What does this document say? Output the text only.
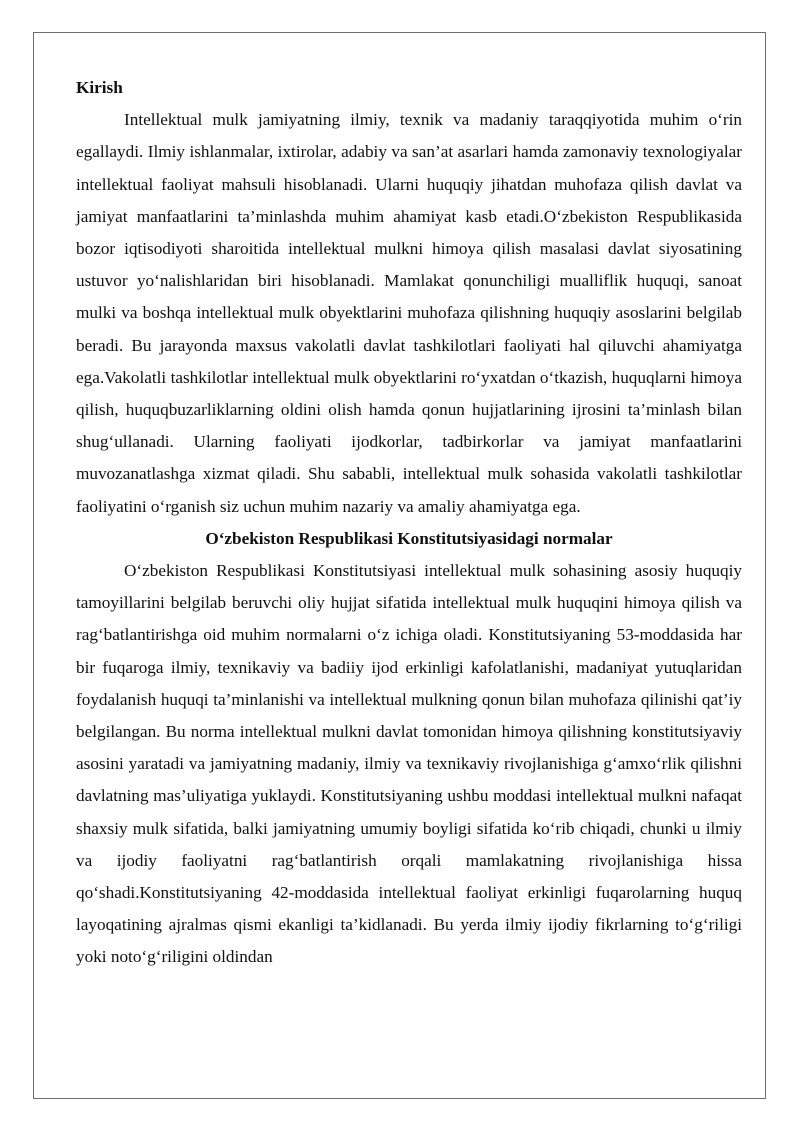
Kirish

Intellektual mulk jamiyatning ilmiy, texnik va madaniy taraqqiyotida muhim o‘rin egallaydi. Ilmiy ishlanmalar, ixtirolar, adabiy va san’at asarlari hamda zamonaviy texnologiyalar intellektual faoliyat mahsuli hisoblanadi. Ularni huquqiy jihatdan muhofaza qilish davlat va jamiyat manfaatlarini ta’minlashda muhim ahamiyat kasb etadi.O‘zbekiston Respublikasida bozor iqtisodiyoti sharoitida intellektual mulkni himoya qilish masalasi davlat siyosatining ustuvor yo‘nalishlaridan biri hisoblanadi. Mamlakat qonunchiligi mualliflik huquqi, sanoat mulki va boshqa intellektual mulk obyektlarini muhofaza qilishning huquqiy asoslarini belgilab beradi. Bu jarayonda maxsus vakolatli davlat tashkilotlari faoliyati hal qiluvchi ahamiyatga ega.Vakolatli tashkilotlar intellektual mulk obyektlarini ro‘yxatdan o‘tkazish, huquqlarni himoya qilish, huquqbuzarliklarning oldini olish hamda qonun hujjatlarining ijrosini ta’minlash bilan shug‘ullanadi. Ularning faoliyati ijodkorlar, tadbirkorlar va jamiyat manfaatlarini muvozanatlashga xizmat qiladi. Shu sababli, intellektual mulk sohasida vakolatli tashkilotlar faoliyatini o‘rganish siz uchun muhim nazariy va amaliy ahamiyatga ega.

O‘zbekiston Respublikasi Konstitutsiyasidagi normalar

O‘zbekiston Respublikasi Konstitutsiyasi intellektual mulk sohasining asosiy huquqiy tamoyillarini belgilab beruvchi oliy hujjat sifatida intellektual mulk huquqini himoya qilish va rag‘batlantirishga oid muhim normalarni o‘z ichiga oladi. Konstitutsiyaning 53-moddasida har bir fuqaroga ilmiy, texnikaviy va badiiy ijod erkinligi kafolatlanishi, madaniyat yutuqlaridan foydalanish huquqi ta’minlanishi va intellektual mulkning qonun bilan muhofaza qilinishi qat’iy belgilangan. Bu norma intellektual mulkni davlat tomonidan himoya qilishning konstitutsiyaviy asosini yaratadi va jamiyatning madaniy, ilmiy va texnikaviy rivojlanishiga g‘amxo‘rlik qilishni davlatning mas’uliyatiga yuklaydi. Konstitutsiyaning ushbu moddasi intellektual mulkni nafaqat shaxsiy mulk sifatida, balki jamiyatning umumiy boyligi sifatida ko‘rib chiqadi, chunki u ilmiy va ijodiy faoliyatni rag‘batlantirish orqali mamlakatning rivojlanishiga hissa qo‘shadi.Konstitutsiyaning 42-moddasida intellektual faoliyat erkinligi fuqarolarning huquq layoqatining ajralmas qismi ekanligi ta’kidlanadi. Bu yerda ilmiy ijodiy fikrlarning to‘g‘riligi yoki noto‘g‘riligini oldindan
